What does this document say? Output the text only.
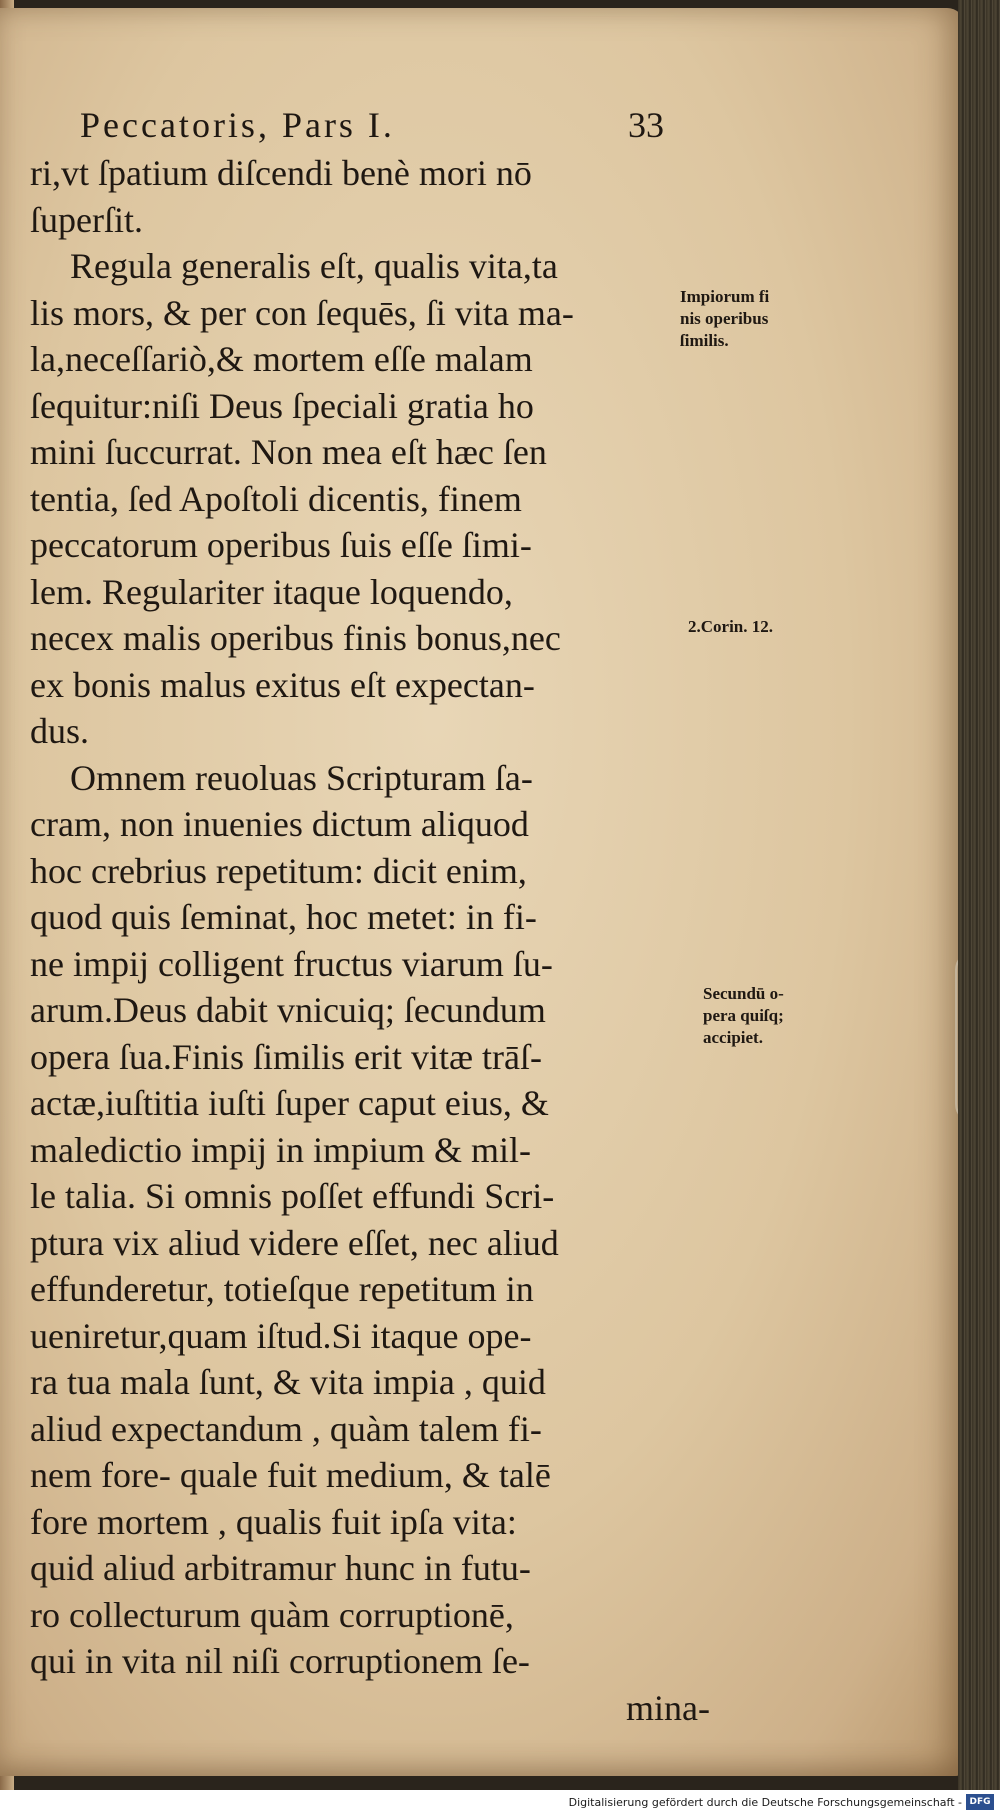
Peccatoris, Pars I.	33
ri,vt ſpatium diſcendi benè mori nō
ſuperſit.
Regula generalis eſt, qualis vita,ta
lis mors, & per con ſequēs, ſi vita ma-
la,neceſſariò,& mortem eſſe malam
ſequitur:niſi Deus ſpeciali gratia ho
mini ſuccurrat. Non mea eſt hæc ſen
tentia, ſed Apoſtoli dicentis, finem
peccatorum operibus ſuis eſſe ſimi-
lem. Regulariter itaque loquendo,
necex malis operibus finis bonus,nec
ex bonis malus exitus eſt expectan-
dus.
Omnem reuoluas Scripturam ſa-
cram, non inuenies dictum aliquod
hoc crebrius repetitum: dicit enim,
quod quis ſeminat, hoc metet: in fi-
ne impij colligent fructus viarum ſu-
arum.Deus dabit vnicuiq; ſecundum
opera ſua.Finis ſimilis erit vitæ trāſ-
actæ,iuſtitia iuſti ſuper caput eius, &
maledictio impij in impium & mil-
le talia. Si omnis poſſet effundi Scri-
ptura vix aliud videre eſſet, nec aliud
effunderetur, totieſque repetitum in
ueniretur,quam iſtud.Si itaque ope-
ra tua mala ſunt, & vita impia , quid
aliud expectandum , quàm talem fi-
nem fore- quale fuit medium, & talē
fore mortem , qualis fuit ipſa vita:
quid aliud arbitramur hunc in futu-
ro collecturum quàm corruptionē,
qui in vita nil niſi corruptionem ſe-
mina-
Impiorum fi
nis operibus
ſimilis.
2.Corin. 12.
Secundū o-
pera quiſq;
accipiet.
Digitalisierung gefördert durch die Deutsche Forschungsgemeinschaft - DFG
